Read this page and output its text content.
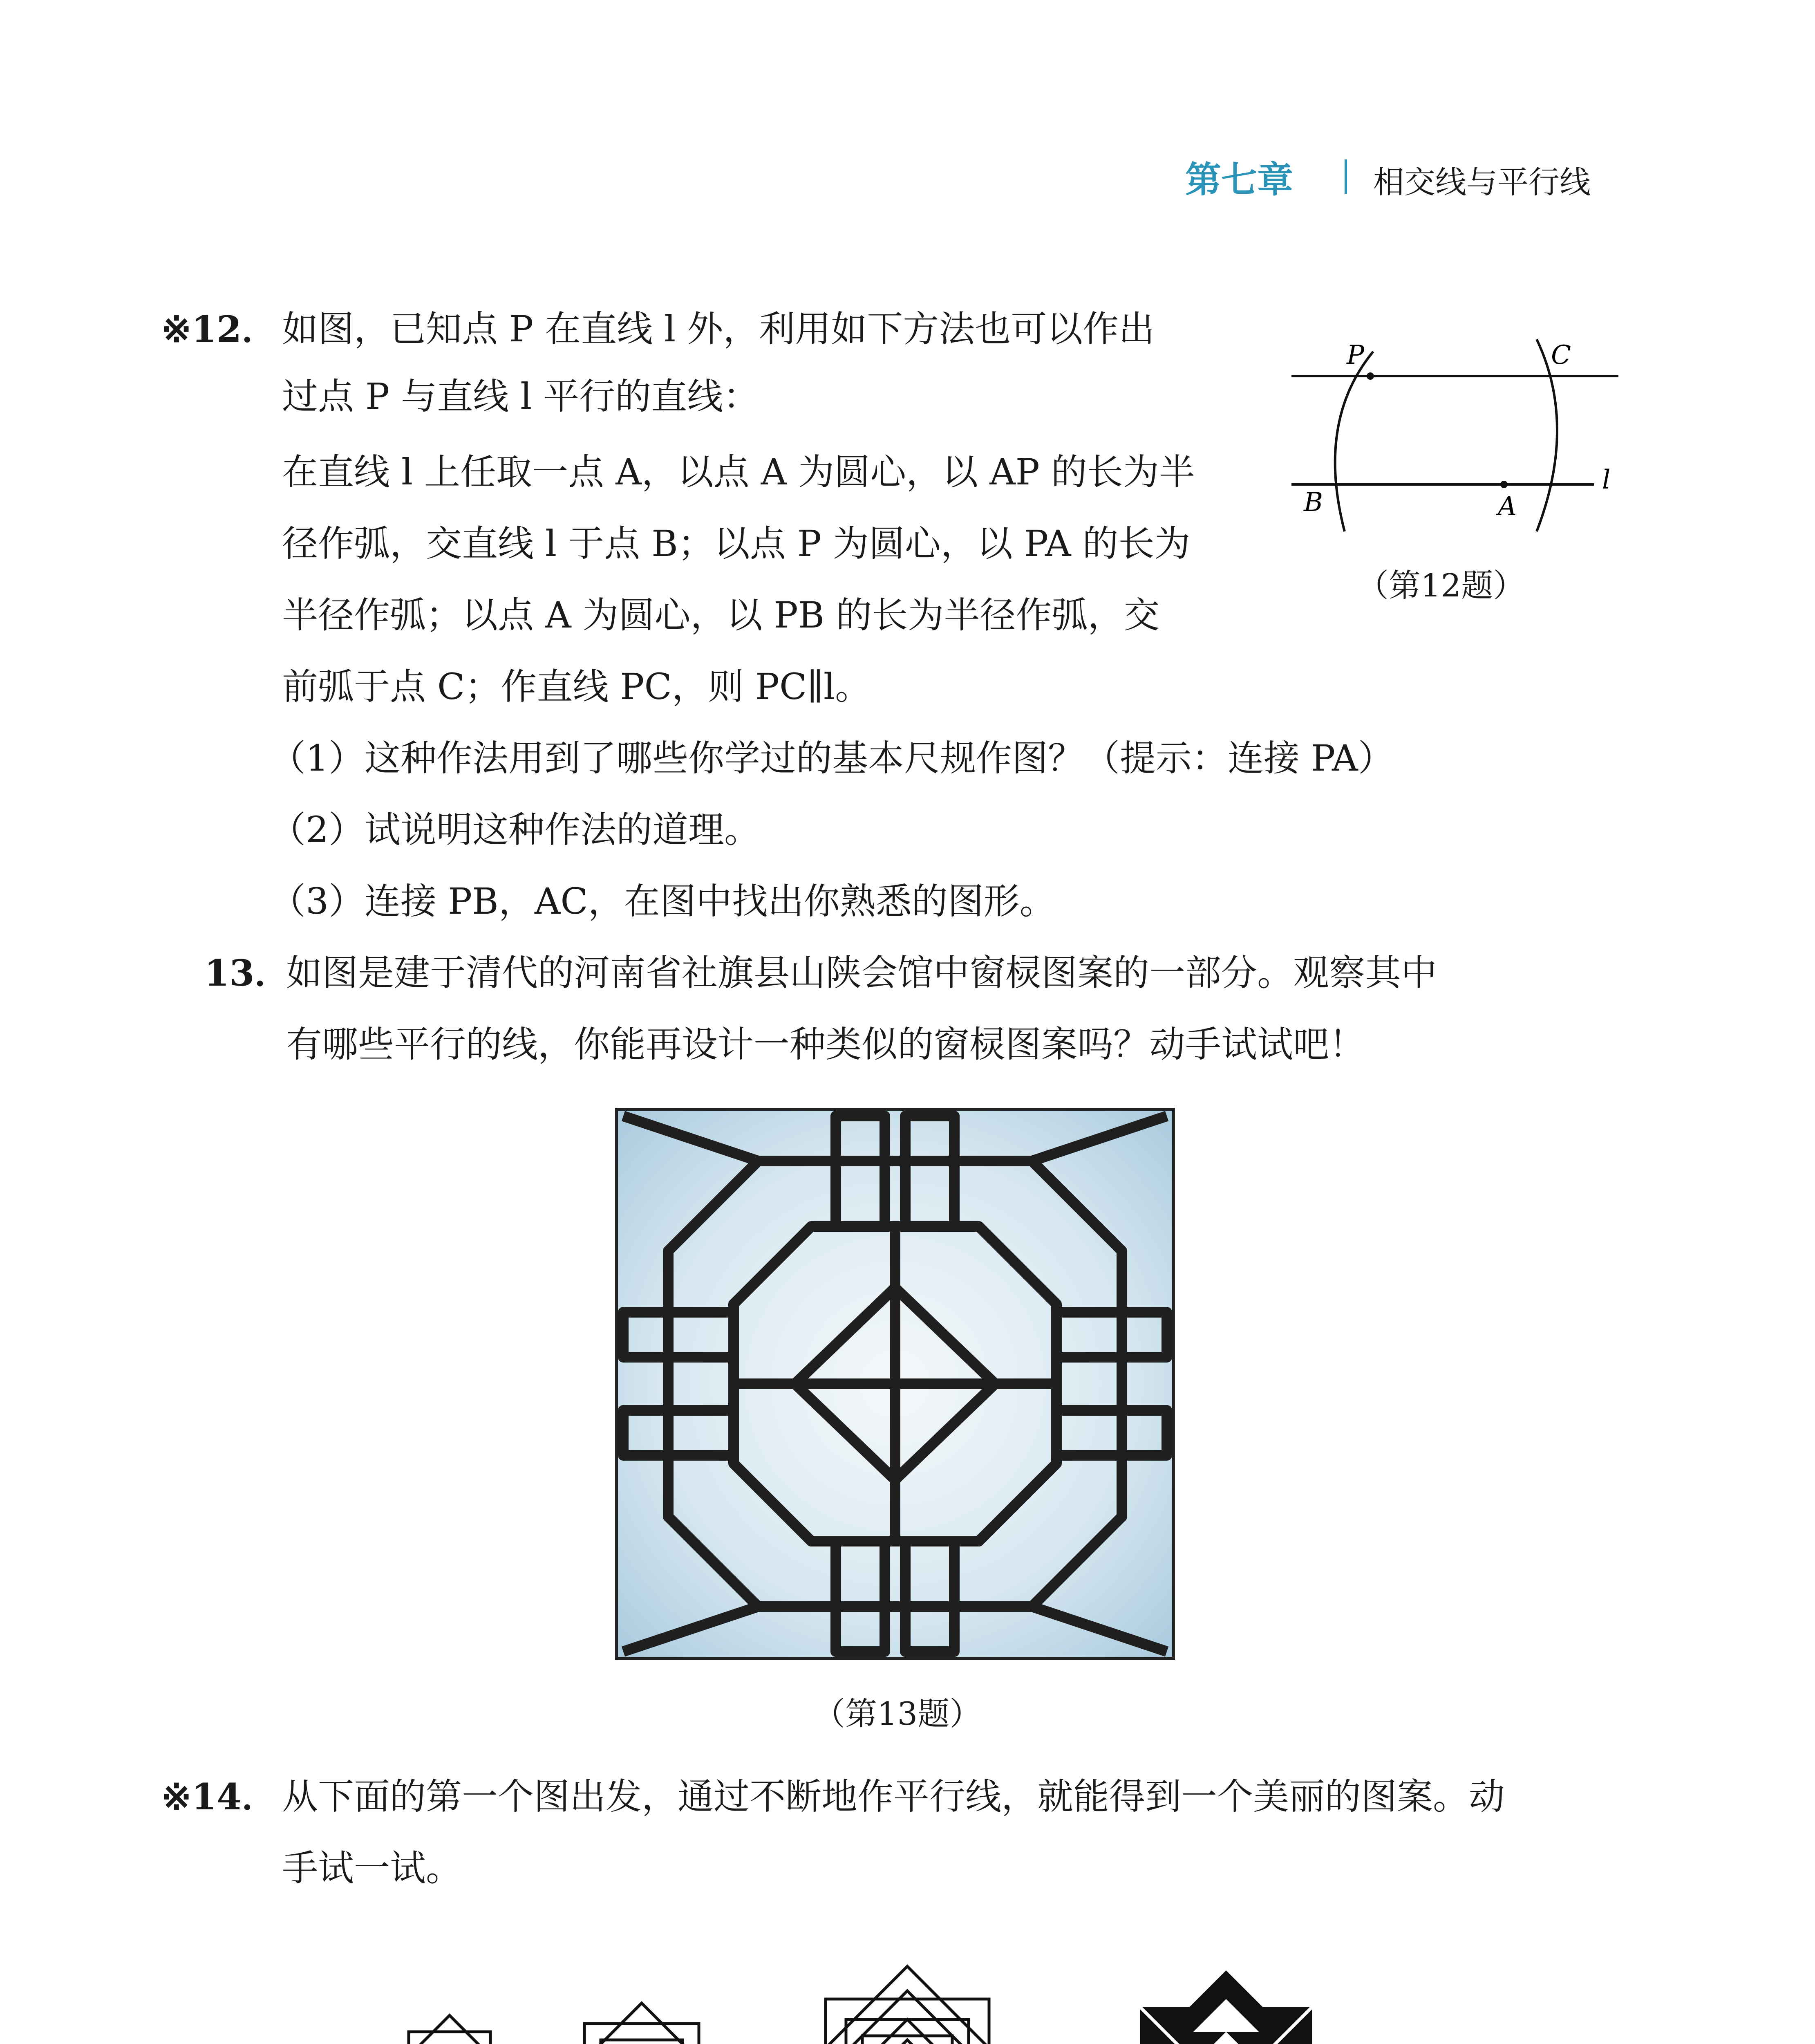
第七章	相交线与平行线
※12． 如图，已知点 P 在直线 l 外，利用如下方法也可以作出
过点 P 与直线 l 平行的直线：
在直线 l 上任取一点 A，以点 A 为圆心，以 AP 的长为半
径作弧，交直线 l 于点 B；以点 P 为圆心，以 PA 的长为
半径作弧；以点 A 为圆心，以 PB 的长为半径作弧，交
前弧于点 C；作直线 PC，则 PC∥l。
（1）这种作法用到了哪些你学过的基本尺规作图？（提示：连接 PA）
（2）试说明这种作法的道理。
（3）连接 PB，AC，在图中找出你熟悉的图形。
P	C
B	A
l
（第12题）
13．
如图是建于清代的河南省社旗县山陕会馆中窗棂图案的一部分。观察其中
有哪些平行的线，你能再设计一种类似的窗棂图案吗？动手试试吧！
（第13题）
※14． 从下面的第一个图出发，通过不断地作平行线，就能得到一个美丽的图案。动
手试一试。
